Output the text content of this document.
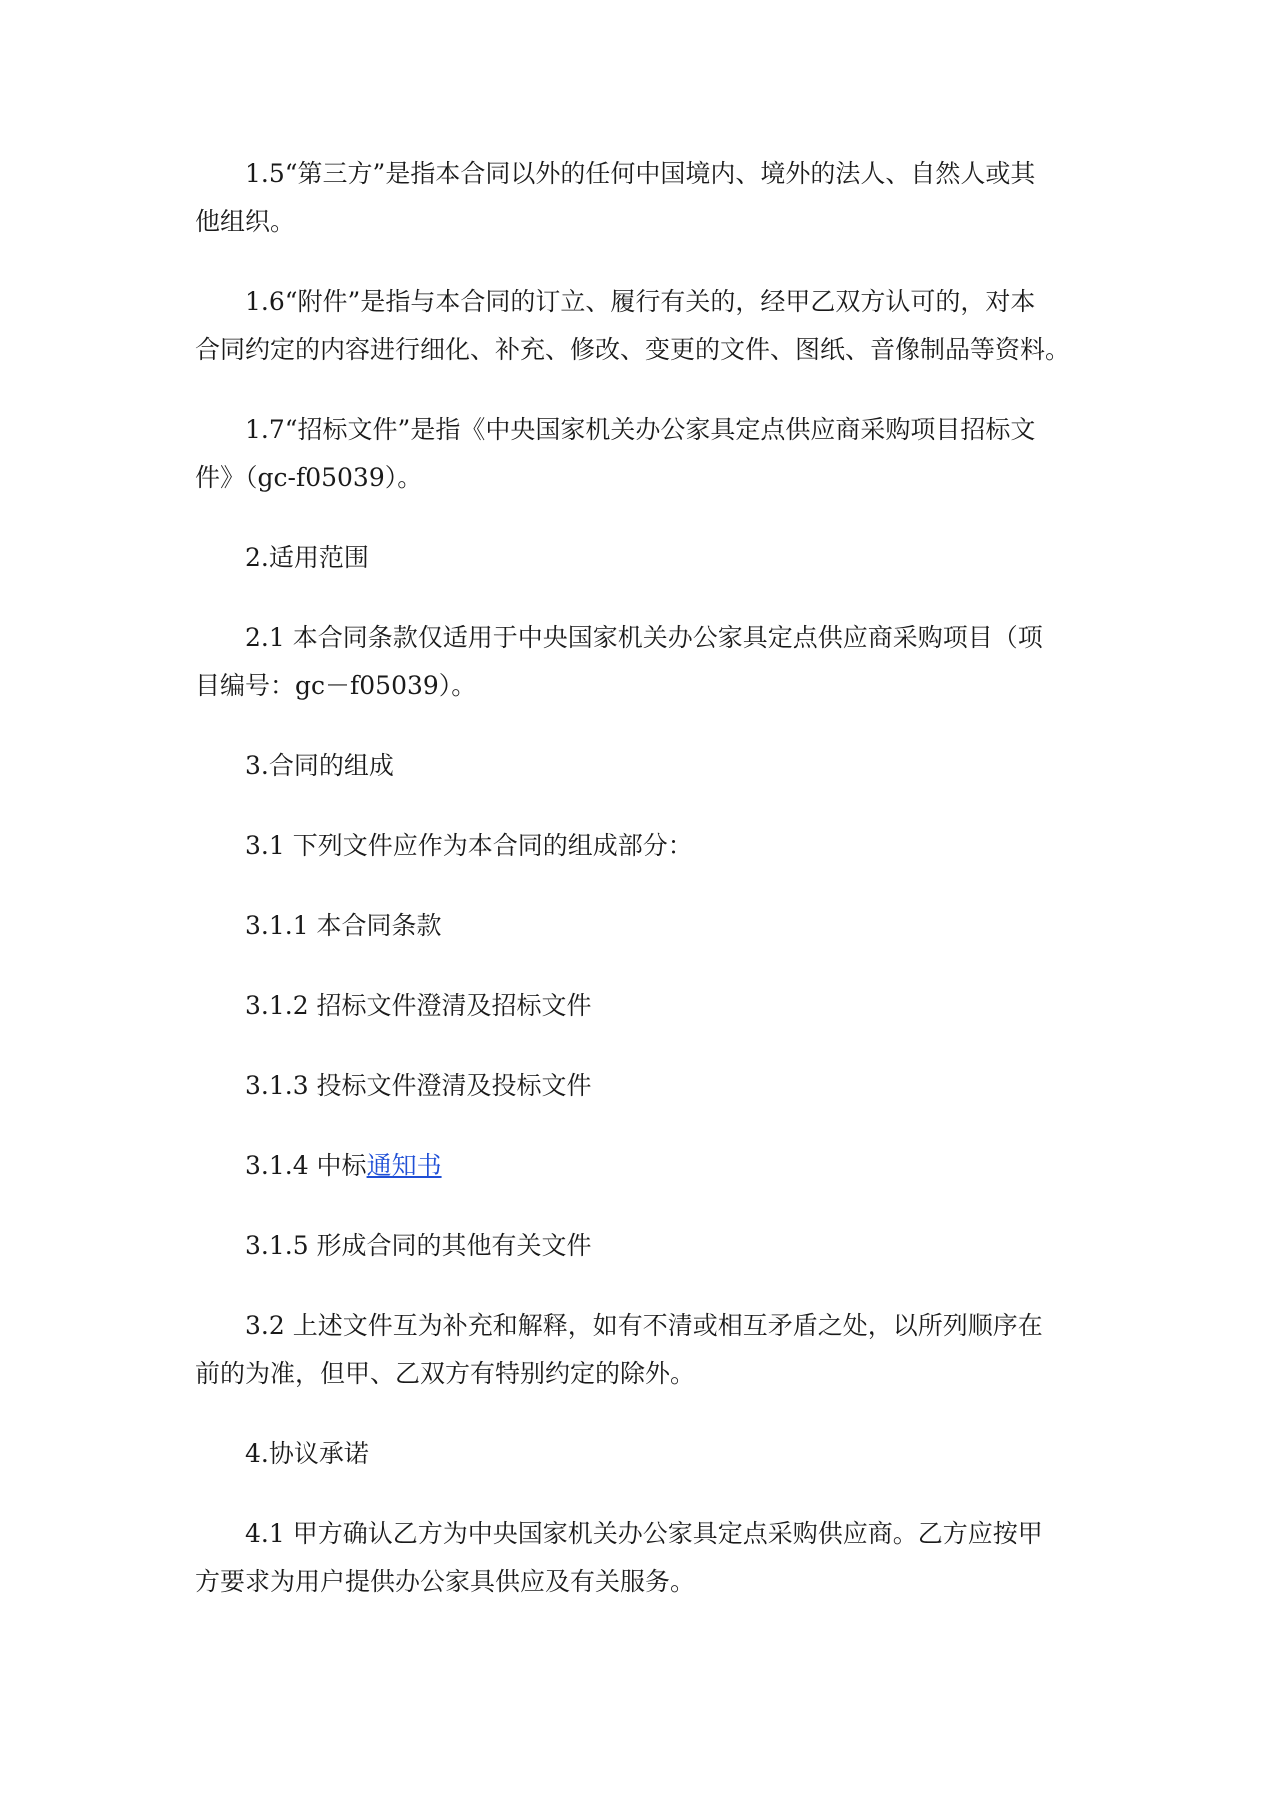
1.5“第三方”是指本合同以外的任何中国境内、境外的法人、自然人或其
他组织。

1.6“附件”是指与本合同的订立、履行有关的，经甲乙双方认可的，对本
合同约定的内容进行细化、补充、修改、变更的文件、图纸、音像制品等资料。

1.7“招标文件”是指《中央国家机关办公家具定点供应商采购项目招标文
件》（gc-f05039）。

2.适用范围

2.1 本合同条款仅适用于中央国家机关办公家具定点供应商采购项目（项
目编号：gc－f05039）。

3.合同的组成

3.1 下列文件应作为本合同的组成部分：

3.1.1 本合同条款

3.1.2 招标文件澄清及招标文件

3.1.3 投标文件澄清及投标文件

3.1.4 中标通知书

3.1.5 形成合同的其他有关文件

3.2 上述文件互为补充和解释，如有不清或相互矛盾之处，以所列顺序在
前的为准，但甲、乙双方有特别约定的除外。

4.协议承诺

4.1 甲方确认乙方为中央国家机关办公家具定点采购供应商。乙方应按甲
方要求为用户提供办公家具供应及有关服务。
